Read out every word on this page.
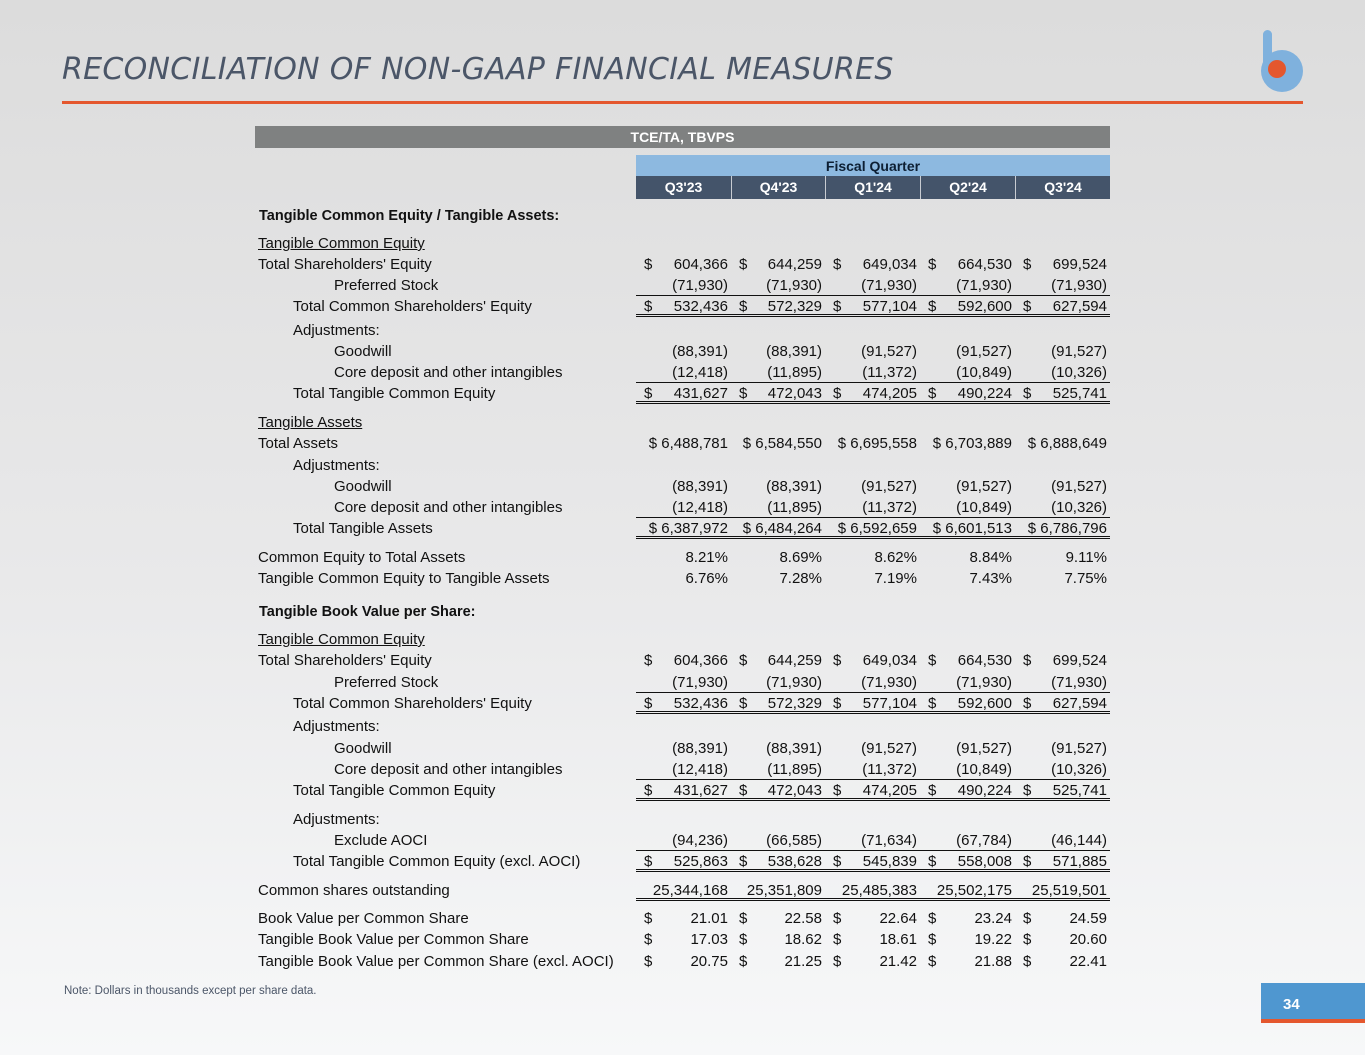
RECONCILIATION OF NON-GAAP FINANCIAL MEASURES
TCE/TA, TBVPS
Fiscal Quarter
Q3'23	Q4'23	Q1'24	Q2'24	Q3'24
Tangible Common Equity / Tangible Assets:
Tangible Common Equity
Total Shareholders' Equity	$ 604,366 $ 644,259 $ 649,034 $ 664,530 $ 699,524
Preferred Stock	(71,930)	(71,930)	(71,930)	(71,930)	(71,930)
Total Common Shareholders' Equity	$ 532,436 $ 572,329 $ 577,104 $ 592,600 $ 627,594
Adjustments:
Goodwill	(88,391)	(88,391)	(91,527)	(91,527)	(91,527)
Core deposit and other intangibles	(12,418)	(11,895)	(11,372)	(10,849)	(10,326)
Total Tangible Common Equity	$ 431,627 $ 472,043 $ 474,205 $ 490,224 $ 525,741
Tangible Assets
Total Assets	$ 6,488,781 $ 6,584,550 $ 6,695,558 $ 6,703,889 $ 6,888,649
Adjustments:
Goodwill	(88,391)	(88,391)	(91,527)	(91,527)	(91,527)
Core deposit and other intangibles	(12,418)	(11,895)	(11,372)	(10,849)	(10,326)
Total Tangible Assets	$ 6,387,972 $ 6,484,264 $ 6,592,659 $ 6,601,513 $ 6,786,796
Common Equity to Total Assets	8.21%	8.69%	8.62%	8.84%	9.11%
Tangible Common Equity to Tangible Assets	6.76%	7.28%	7.19%	7.43%	7.75%
Tangible Book Value per Share:
Tangible Common Equity
Total Shareholders' Equity	$ 604,366 $ 644,259 $ 649,034 $ 664,530 $ 699,524
Preferred Stock	(71,930)	(71,930)	(71,930)	(71,930)	(71,930)
Total Common Shareholders' Equity	$ 532,436 $ 572,329 $ 577,104 $ 592,600 $ 627,594
Adjustments:
Goodwill	(88,391)	(88,391)	(91,527)	(91,527)	(91,527)
Core deposit and other intangibles	(12,418)	(11,895)	(11,372)	(10,849)	(10,326)
Total Tangible Common Equity	$ 431,627 $ 472,043 $ 474,205 $ 490,224 $ 525,741
Adjustments:
Exclude AOCI	(94,236)	(66,585)	(71,634)	(67,784)	(46,144)
Total Tangible Common Equity (excl. AOCI)	$ 525,863 $ 538,628 $ 545,839 $ 558,008 $ 571,885
Common shares outstanding	25,344,168 25,351,809 25,485,383 25,502,175 25,519,501
Book Value per Common Share	$	21.01 $ 22.58 $	22.64 $	23.24 $	24.59
Tangible Book Value per Common Share	$	17.03 $ 18.62 $	18.61 $	19.22 $	20.60
Tangible Book Value per Common Share (excl. AOCI) $	20.75 $ 21.25 $	21.42 $	21.88 $	22.41
Note: Dollars in thousands except per share data.
34
